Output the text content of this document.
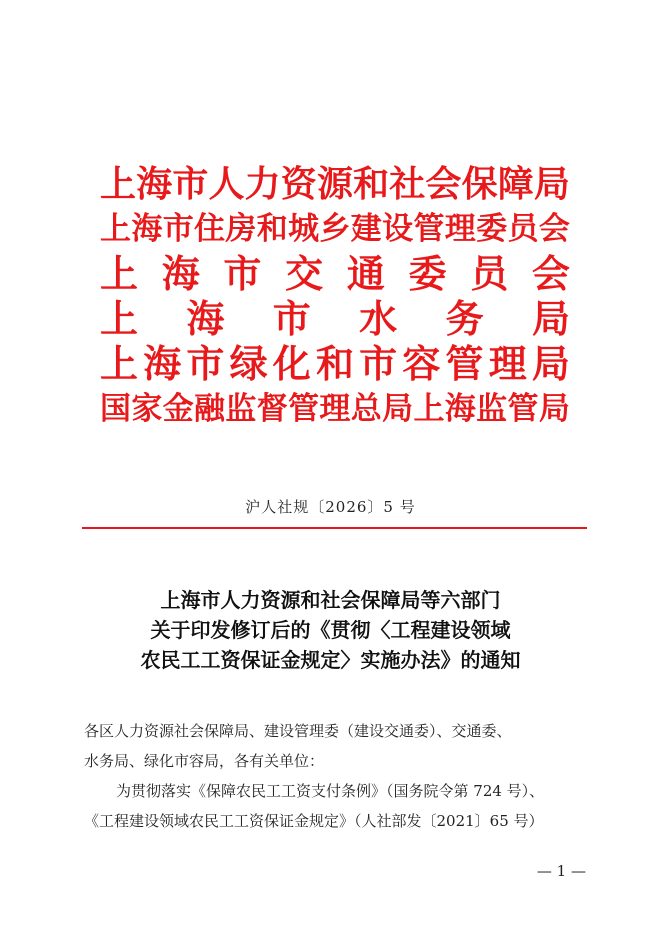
上 海 市 人 力 资 源 和 社 会 保 障 局
上 海 市 住 房 和 城 乡 建 设 管 理 委 员 会
上 海 市 交 通 委 员 会
上 海 市 水 务 局
上 海 市 绿 化 和 市 容 管 理 局
国 家 金 融 监 督 管 理 总 局 上 海 监 管 局
沪人社规〔2026〕5 号
上海市人力资源和社会保障局等六部门
关于印发修订后的《贯彻〈工程建设领域
农民工工资保证金规定〉实施办法》的通知
各区人力资源社会保障局、建设管理委（建设交通委）、交通委、
水务局、绿化市容局，各有关单位：
为贯彻落实《保障农民工工资支付条例》（国务院令第 724 号）、
《工程建设领域农民工工资保证金规定》（人社部发〔2021〕65 号）
— 1 —
